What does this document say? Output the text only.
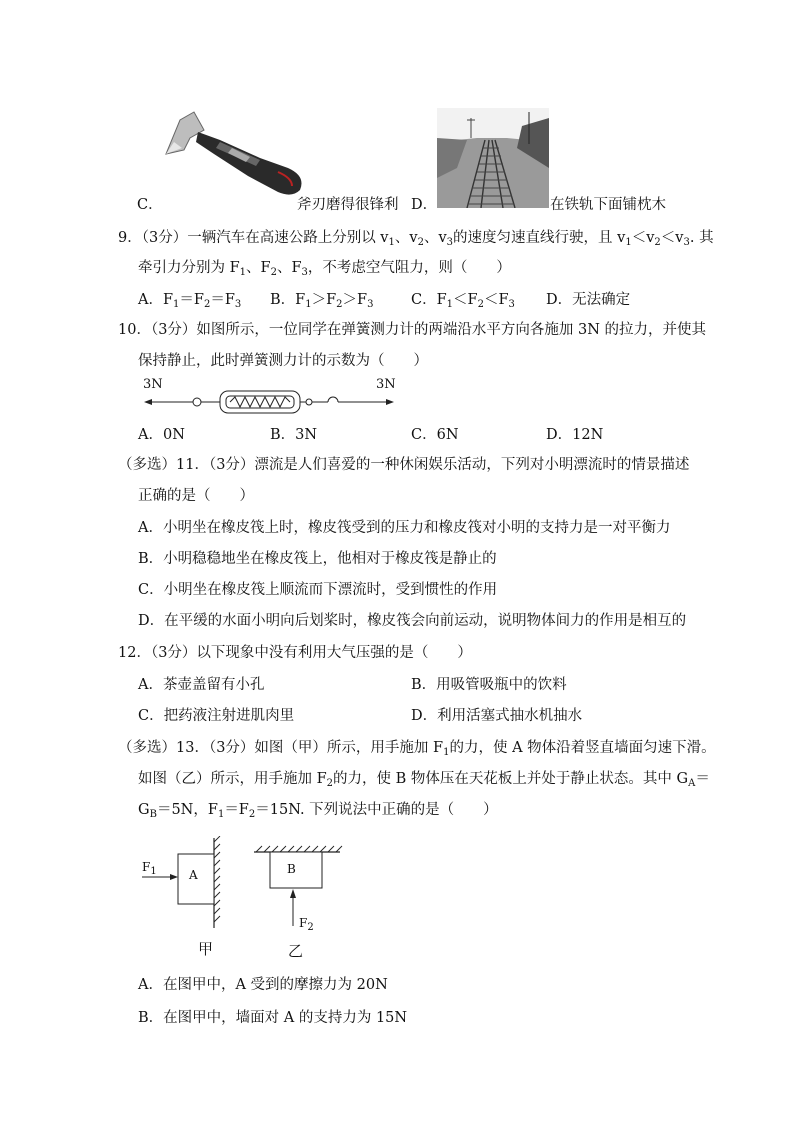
C．	斧刃磨得很锋利 D．	在铁轨下面铺枕木
9．（3分）一辆汽车在高速公路上分别以 $v_1$、$v_2$、$v_3$的速度匀速直线行驶，且 $v_1<v_2<v_3$. 其
牵引力分别为 $F_1$、$F_2$、$F_3$，不考虑空气阻力，则（　　）
A．$F_1=F_2=F_3$ B．$F_1>F_2>F_3$	C．$F_1<F_2<F_3$ D．无法确定
10．（3分）如图所示，一位同学在弹簧测力计的两端沿水平方向各施加 3N 的拉力，并使其
保持静止，此时弹簧测力计的示数为（　　）
3N	3N
A．0N	B．3N	C．6N	D．12N
（多选）11．（3分）漂流是人们喜爱的一种休闲娱乐活动，下列对小明漂流时的情景描述
正确的是（　　）
A．小明坐在橡皮筏上时，橡皮筏受到的压力和橡皮筏对小明的支持力是一对平衡力
B．小明稳稳地坐在橡皮筏上，他相对于橡皮筏是静止的
C．小明坐在橡皮筏上顺流而下漂流时，受到惯性的作用
D．在平缓的水面小明向后划桨时，橡皮筏会向前运动，说明物体间力的作用是相互的
12．（3分）以下现象中没有利用大气压强的是（　　）
A．茶壶盖留有小孔	B．用吸管吸瓶中的饮料
C．把药液注射进肌肉里	D．利用活塞式抽水机抽水
（多选）13．（3分）如图（甲）所示，用手施加 $F_1$的力，使 A 物体沿着竖直墙面匀速下滑。
如图（乙）所示，用手施加 $F_2$的力，使 B 物体压在天花板上并处于静止状态。其中 $G_A=$
$G_B=5N$，$F_1=F_2=15N$. 下列说法中正确的是（　　）
$F_1$	A	B
$F_2$
甲	乙
A．在图甲中，A 受到的摩擦力为 20N
B．在图甲中，墙面对 A 的支持力为 15N
